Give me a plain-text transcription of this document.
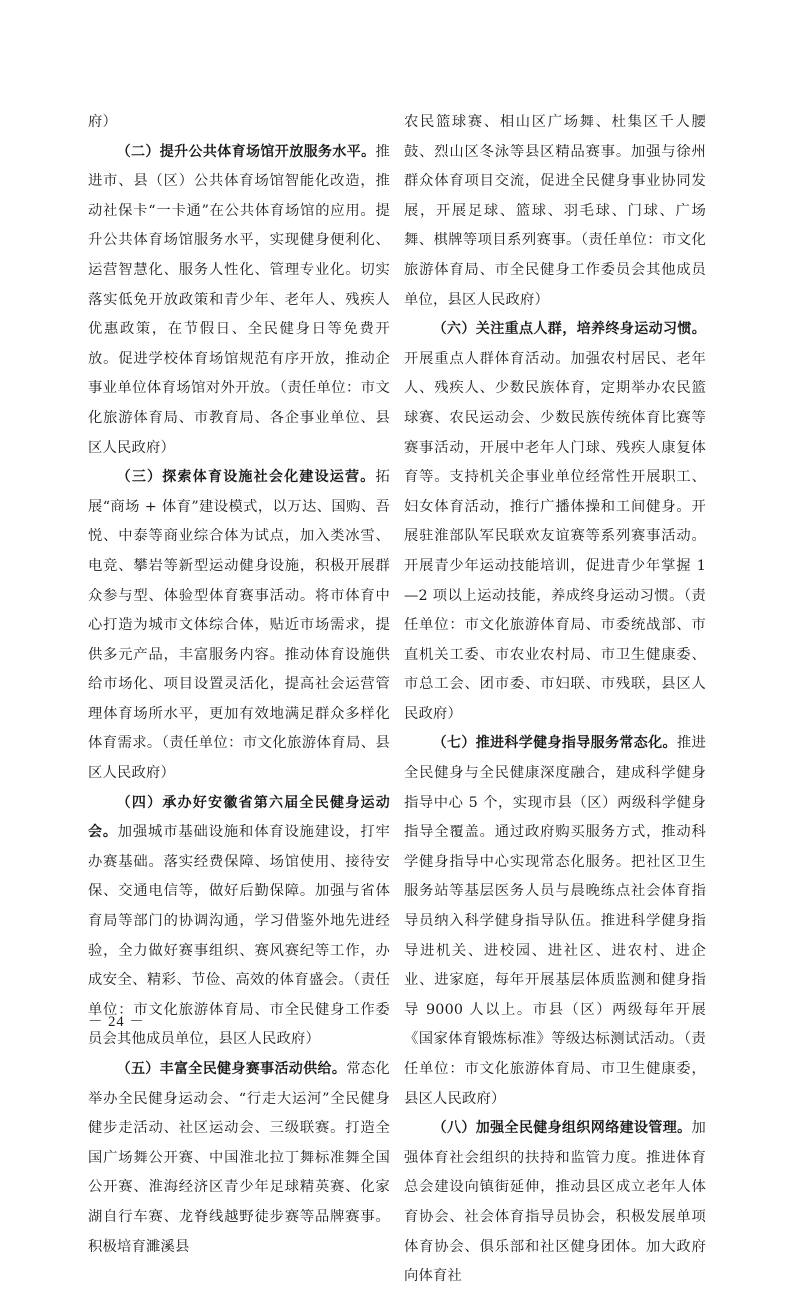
府）

（二）提升公共体育场馆开放服务水平。推进市、县（区）公共体育场馆智能化改造，推动社保卡“一卡通”在公共体育场馆的应用。提升公共体育场馆服务水平，实现健身便利化、运营智慧化、服务人性化、管理专业化。切实落实低免开放政策和青少年、老年人、残疾人优惠政策，在节假日、全民健身日等免费开放。促进学校体育场馆规范有序开放，推动企事业单位体育场馆对外开放。（责任单位：市文化旅游体育局、市教育局、各企事业单位、县区人民政府）

（三）探索体育设施社会化建设运营。拓展“商场 + 体育”建设模式，以万达、国购、吾悦、中泰等商业综合体为试点，加入类冰雪、电竞、攀岩等新型运动健身设施，积极开展群众参与型、体验型体育赛事活动。将市体育中心打造为城市文体综合体，贴近市场需求，提供多元产品，丰富服务内容。推动体育设施供给市场化、项目设置灵活化，提高社会运营管理体育场所水平，更加有效地满足群众多样化体育需求。（责任单位：市文化旅游体育局、县区人民政府）

（四）承办好安徽省第六届全民健身运动会。加强城市基础设施和体育设施建设，打牢办赛基础。落实经费保障、场馆使用、接待安保、交通电信等，做好后勤保障。加强与省体育局等部门的协调沟通，学习借鉴外地先进经验，全力做好赛事组织、赛风赛纪等工作，办成安全、精彩、节俭、高效的体育盛会。（责任单位：市文化旅游体育局、市全民健身工作委员会其他成员单位，县区人民政府）

（五）丰富全民健身赛事活动供给。常态化举办全民健身运动会、“行走大运河”全民健身健步走活动、社区运动会、三级联赛。打造全国广场舞公开赛、中国淮北拉丁舞标准舞全国公开赛、淮海经济区青少年足球精英赛、化家湖自行车赛、龙脊线越野徒步赛等品牌赛事。积极培育濉溪县

农民篮球赛、相山区广场舞、杜集区千人腰鼓、烈山区冬泳等县区精品赛事。加强与徐州群众体育项目交流，促进全民健身事业协同发展，开展足球、篮球、羽毛球、门球、广场舞、棋牌等项目系列赛事。（责任单位：市文化旅游体育局、市全民健身工作委员会其他成员单位，县区人民政府）

（六）关注重点人群，培养终身运动习惯。开展重点人群体育活动。加强农村居民、老年人、残疾人、少数民族体育，定期举办农民篮球赛、农民运动会、少数民族传统体育比赛等赛事活动，开展中老年人门球、残疾人康复体育等。支持机关企事业单位经常性开展职工、妇女体育活动，推行广播体操和工间健身。开展驻淮部队军民联欢友谊赛等系列赛事活动。开展青少年运动技能培训，促进青少年掌握 1—2 项以上运动技能，养成终身运动习惯。（责任单位：市文化旅游体育局、市委统战部、市直机关工委、市农业农村局、市卫生健康委、市总工会、团市委、市妇联、市残联，县区人民政府）

（七）推进科学健身指导服务常态化。推进全民健身与全民健康深度融合，建成科学健身指导中心 5 个，实现市县（区）两级科学健身指导全覆盖。通过政府购买服务方式，推动科学健身指导中心实现常态化服务。把社区卫生服务站等基层医务人员与晨晚练点社会体育指导员纳入科学健身指导队伍。推进科学健身指导进机关、进校园、进社区、进农村、进企业、进家庭，每年开展基层体质监测和健身指导 9000 人以上。市县（区）两级每年开展《国家体育锻炼标准》等级达标测试活动。（责任单位：市文化旅游体育局、市卫生健康委，县区人民政府）

（八）加强全民健身组织网络建设管理。加强体育社会组织的扶持和监管力度。推进体育总会建设向镇街延伸，推动县区成立老年人体育协会、社会体育指导员协会，积极发展单项体育协会、俱乐部和社区健身团体。加大政府向体育社

－ 24 －
